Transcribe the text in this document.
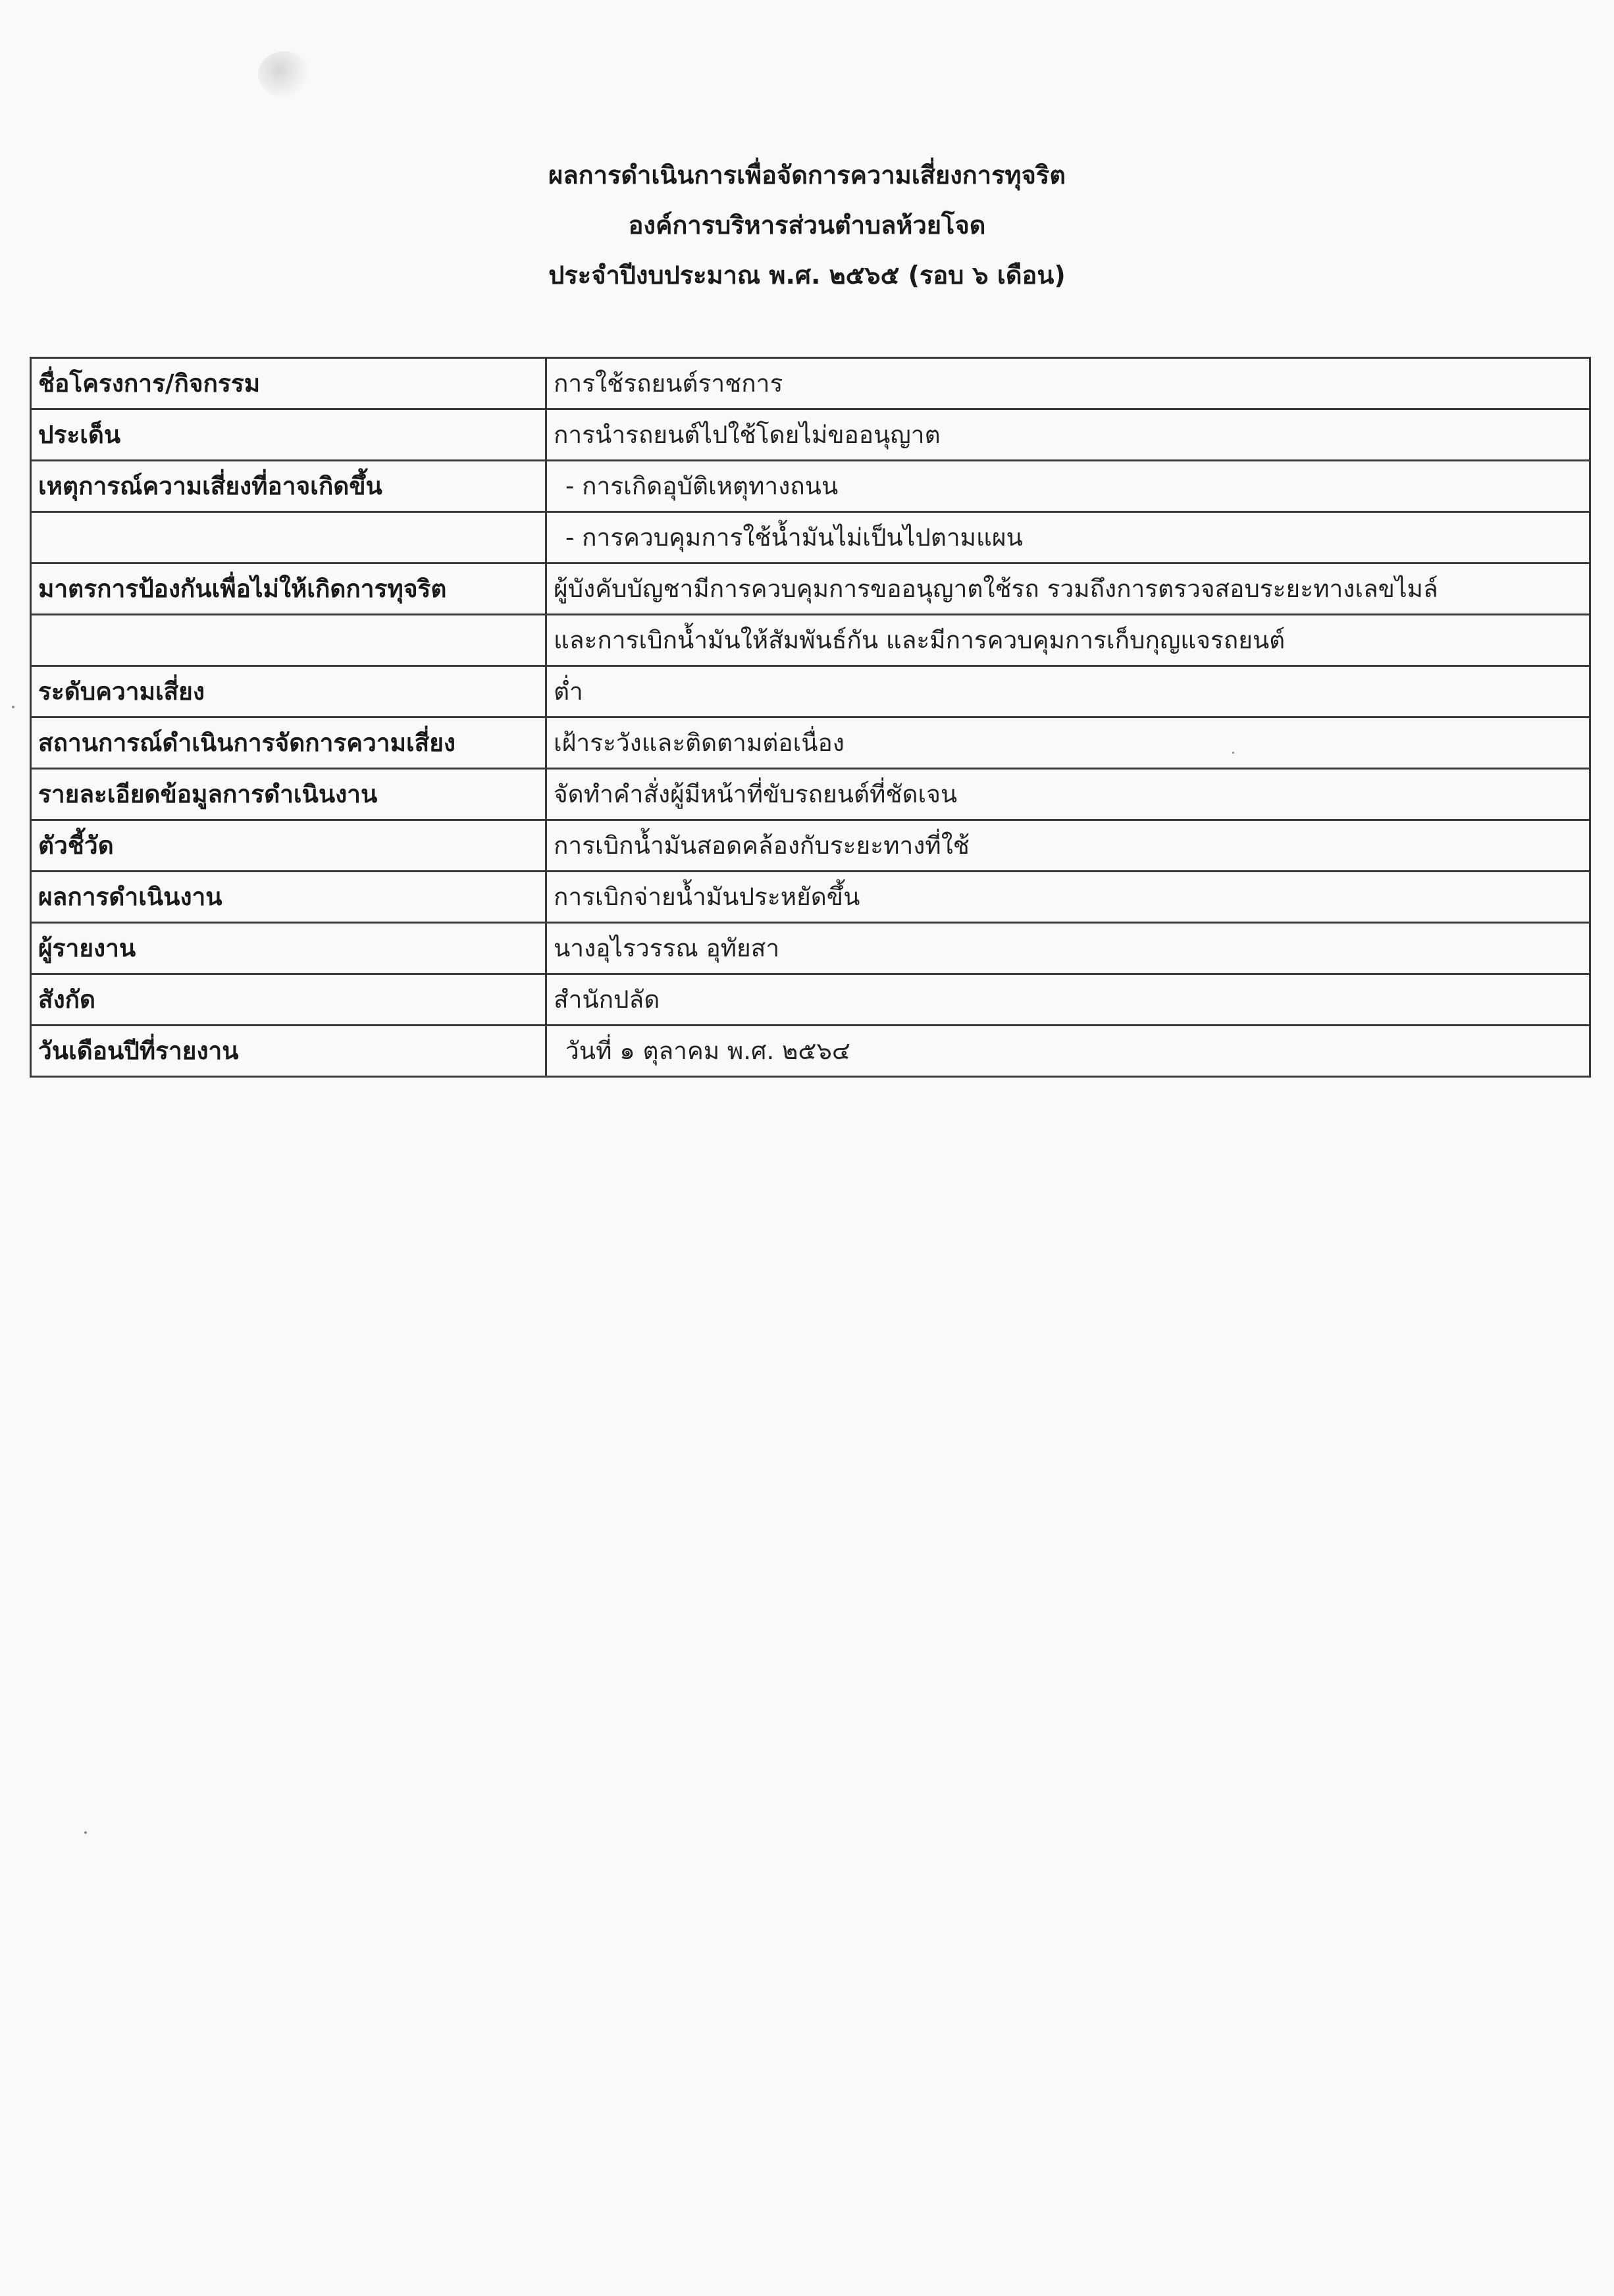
ผลการดำเนินการเพื่อจัดการความเสี่ยงการทุจริต
องค์การบริหารส่วนตำบลห้วยโจด
ประจำปีงบประมาณ พ.ศ. ๒๕๖๕ (รอบ ๖ เดือน)
ชื่อโครงการ/กิจกรรม	การใช้รถยนต์ราชการ
ประเด็น	การนำรถยนต์ไปใช้โดยไม่ขออนุญาต
เหตุการณ์ความเสี่ยงที่อาจเกิดขึ้น	- การเกิดอุบัติเหตุทางถนน
	- การควบคุมการใช้น้ำมันไม่เป็นไปตามแผน
มาตรการป้องกันเพื่อไม่ให้เกิดการทุจริต	ผู้บังคับบัญชามีการควบคุมการขออนุญาตใช้รถ รวมถึงการตรวจสอบระยะทางเลขไมล์
	และการเบิกน้ำมันให้สัมพันธ์กัน และมีการควบคุมการเก็บกุญแจรถยนต์
ระดับความเสี่ยง	ต่ำ
สถานการณ์ดำเนินการจัดการความเสี่ยง	เฝ้าระวังและติดตามต่อเนื่อง
รายละเอียดข้อมูลการดำเนินงาน	จัดทำคำสั่งผู้มีหน้าที่ขับรถยนต์ที่ชัดเจน
ตัวชี้วัด	การเบิกน้ำมันสอดคล้องกับระยะทางที่ใช้
ผลการดำเนินงาน	การเบิกจ่ายน้ำมันประหยัดขึ้น
ผู้รายงาน	นางอุไรวรรณ อุทัยสา
สังกัด	สำนักปลัด
วันเดือนปีที่รายงาน	วันที่ ๑ ตุลาคม พ.ศ. ๒๕๖๔
